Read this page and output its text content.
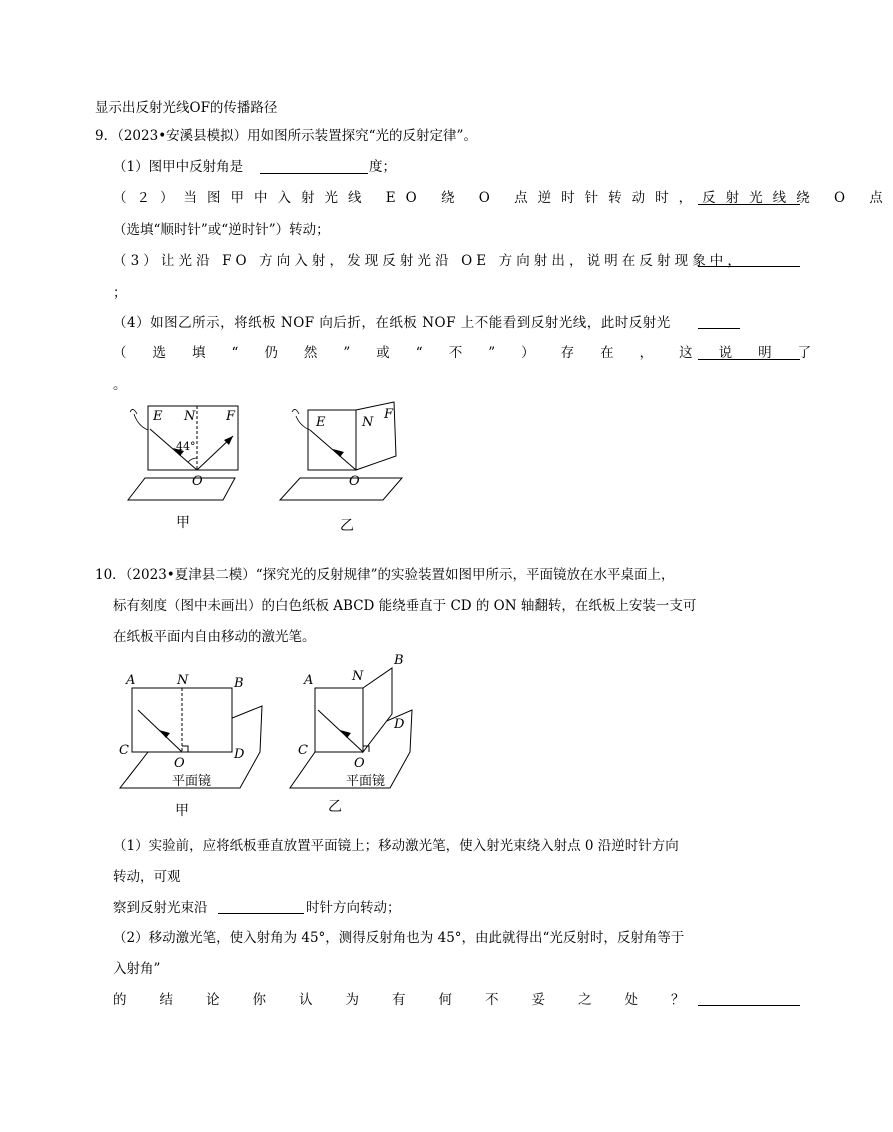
显示出反射光线OF的传播路径
9．（2023•安溪县模拟）用如图所示装置探究“光的反射定律”。
（1）图甲中反射角是	度；
（２）当图甲中入射光线 EO 绕 O 点逆时针转动时，反射光线绕 O 点
（选填“顺时针”或“逆时针”）转动；
（3）让光沿 FO 方向入射，发现反射光沿 OE 方向射出，说明在反射现象中，
；
（4）如图乙所示，将纸板 NOF 向后折，在纸板 NOF 上不能看到反射光线，此时反射光
（选填“仍然”或“不”）存在，这说明了
。
E N F
44°
O
E	N
F
O
甲	乙
10．（2023•夏津县二模）“探究光的反射规律”的实验装置如图甲所示，平面镜放在水平桌面上，
标有刻度（图中未画出）的白色纸板 ABCD 能绕垂直于 CD 的 ON 轴翻转，在纸板上安装一支可
在纸板平面内自由移动的激光笔。
A	N	B
C	D
O
平面镜
A	N
B
C
D
O
平面镜
甲	乙
（1）实验前，应将纸板垂直放置平面镜上；移动激光笔，使入射光束绕入射点 0 沿逆时针方向
转动，可观
察到反射光束沿	时针方向转动；
（2）移动激光笔，使入射角为 45°，测得反射角也为 45°，由此就得出“光反射时，反射角等于
入射角”
的结论你认为有何不妥之处？
